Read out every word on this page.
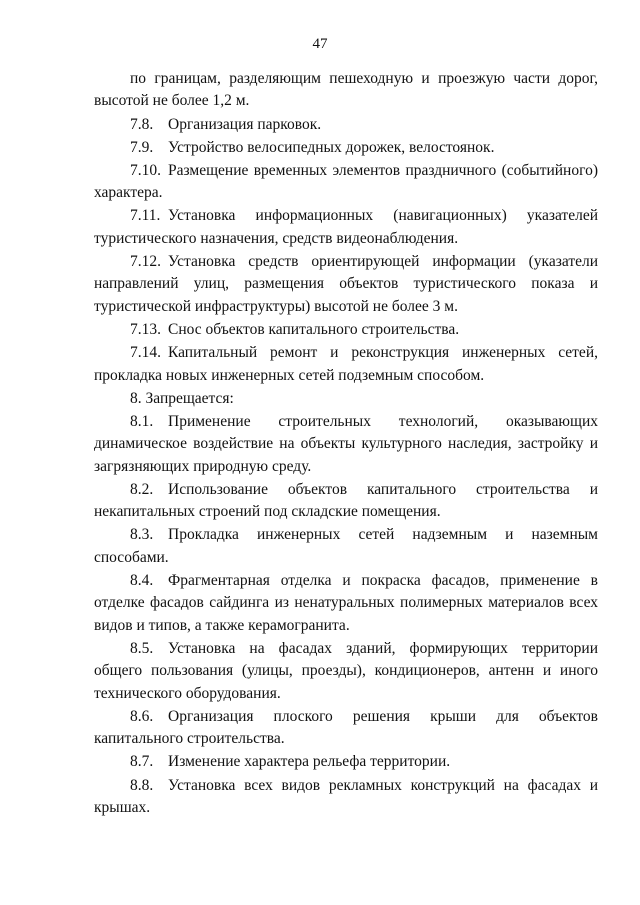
47

по границам, разделяющим пешеходную и проезжую части дорог, высотой не более 1,2 м.

7.8. Организация парковок.

7.9. Устройство велосипедных дорожек, велостоянок.

7.10. Размещение временных элементов праздничного (событийного) характера.

7.11. Установка информационных (навигационных) указателей туристического назначения, средств видеонаблюдения.

7.12. Установка средств ориентирующей информации (указатели направлений улиц, размещения объектов туристического показа и туристической инфраструктуры) высотой не более 3 м.

7.13. Снос объектов капитального строительства.

7.14. Капитальный ремонт и реконструкция инженерных сетей, прокладка новых инженерных сетей подземным способом.

8. Запрещается:

8.1. Применение строительных технологий, оказывающих динамическое воздействие на объекты культурного наследия, застройку и загрязняющих природную среду.

8.2. Использование объектов капитального строительства и некапитальных строений под складские помещения.

8.3. Прокладка инженерных сетей надземным и наземным способами.

8.4. Фрагментарная отделка и покраска фасадов, применение в отделке фасадов сайдинга из ненатуральных полимерных материалов всех видов и типов, а также керамогранита.

8.5. Установка на фасадах зданий, формирующих территории общего пользования (улицы, проезды), кондиционеров, антенн и иного технического оборудования.

8.6. Организация плоского решения крыши для объектов капитального строительства.

8.7. Изменение характера рельефа территории.

8.8. Установка всех видов рекламных конструкций на фасадах и крышах.
